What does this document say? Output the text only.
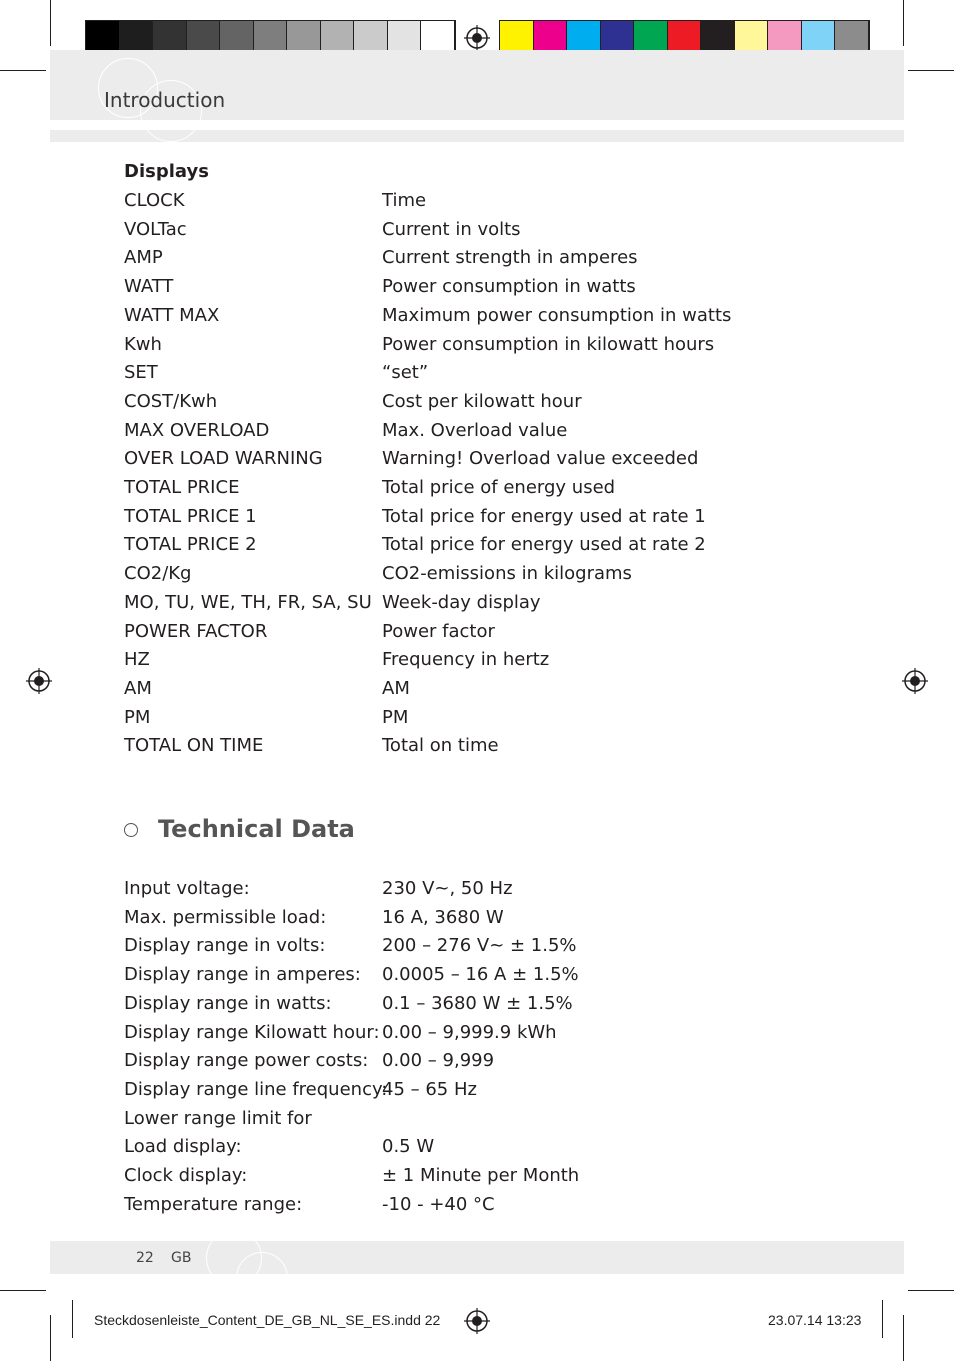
Introduction
Displays
CLOCK	Time
VOLTac	Current in volts
AMP	Current strength in amperes
WATT	Power consumption in watts
WATT MAX	Maximum power consumption in watts
Kwh	Power consumption in kilowatt hours
SET	“set”
COST/Kwh	Cost per kilowatt hour
MAX OVERLOAD	Max. Overload value
OVER LOAD WARNING	Warning! Overload value exceeded
TOTAL PRICE	Total price of energy used
TOTAL PRICE 1	Total price for energy used at rate 1
TOTAL PRICE 2	Total price for energy used at rate 2
CO2/Kg	CO2-emissions in kilograms
MO, TU, WE, TH, FR, SA, SU Week-day display
POWER FACTOR	Power factor
HZ	Frequency in hertz
AM	AM
PM	PM
TOTAL ON TIME	Total on time
Technical Data
Input voltage:	230 V~, 50 Hz
Max. permissible load:	16 A, 3680 W
Display range in volts:	200 – 276 V~ ± 1.5%
Display range in amperes: 0.0005 – 16 A ± 1.5%
Display range in watts:	0.1 – 3680 W ± 1.5%
Display range Kilowatt hour: 0.00 – 9,999.9 kWh
Display range power costs: 0.00 – 9,999
Display range line frequency:
45 – 65 Hz
Lower range limit for
Load display:	0.5 W
Clock display:	± 1 Minute per Month
Temperature range:	-10 - +40 °C
22 GB
Steckdosenleiste_Content_DE_GB_NL_SE_ES.indd 22	23.07.14 13:23
